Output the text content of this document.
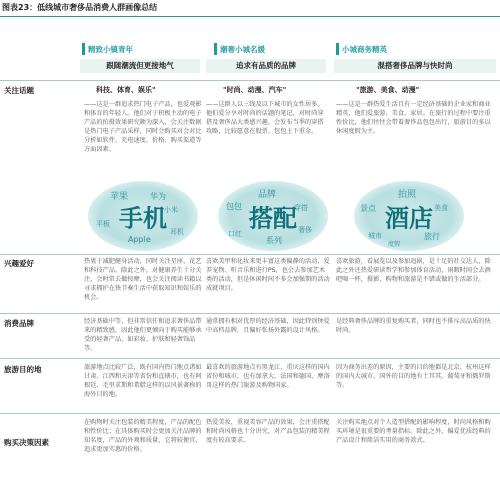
图表23：低线城市奢侈品消费人群画像总结
精致小镇青年	潮奢小城名媛	小城商务精英
跟随潮流但更接地气	追求有品质的品牌	混搭奢侈品牌与快时尚
关注话题	科技、体育、娱乐"	"时尚、动漫、汽车"	"旅游、美食、动漫"
——这是一群追求热门电子产品，也爱观影和体育的年轻人。他们对于积极主动的电子产品的拍摄效果研究颇为深入，会关注数据是热门电子产品采样，同时会购买对会对比分析如软件、充电速度、价格、购买渠道等方面因素。
——这群人以三线及以下城市的女性居多。他们爱分享对时尚的话题的笔记，对时尚穿搭及奢侈品大类感兴趣，会发布当季的穿搭攻略，比较愿意在股票、包包上下重金。
——这是一群热爱生活且有一定经济基础的企业家和商业精英，他们爱旅游、美食、家居。在旅行的过程中要注重性价比，他们往往会带着奢侈品包包出行，旅游目的多以休闲度假为主。
苹果	华为
小米
Apple
平板
耳机
手机
品牌
包包
系列
穿搭
口红	奢侈
搭配
拍照
景点
旅行
美食
城市
度假
酒店
兴趣爱好	热衷于减肥健身活动，同时关注星座、花艺和科技产品。除此之外，对健康养生十分关注，会时常去做按摩，也会关注阅读书籍以寻求拥护在快节奏生活中获取知识和娱乐的机会。
喜欢美甲和化妆来更丰富这类偏静的活动，爱养宠物、听音乐和进行PS，也会去参加艺术类的活动，但是休闲时间不多会加强期的活动成就项目。
喜欢旅游，看展览以及参加追剧，是十足的社交达人，除此之外还热爱研读哲学和参加体育活动，闲暇时间会去酒吧喝一杯，摄影，购物和旅游是不错或做的生活部分。
消费品牌	经济基础中等，但非常信任和追求奢侈品带来的精致感，因此他们更倾向于购买能够承受的轻奢产品，如彩妆、护肤和轻奢饰品等。
通常拥有相对优厚的经济基础，因此特别钟爱中高档品牌，且偏好张扬外露的设计风格。
是经典奢侈品牌的重复购买者，同时也不排斥高品质的快时尚。
旅游目的地	旅游地点比较广泛，既有国内热门地点诸如甘肃、江西和天津等省份和直辖市，也有阿根廷、毛里求斯和希腊这样的以风景著称的海外目的地。
最喜欢的旅游地点有黑龙江、重庆这样的国内省份和城市，也有加拿大、法国和德国、摩洛哥这样的热门旅游及购物国家。
因为商务出差的原因，主要的目的地都是北京、杭州这样的国内大城市。国外的目的地有土耳其、葡萄牙和俄罗斯等。
购买决策因素
在购物时关注包装的精美程度，产品的配色和性价比；在具体购买时会更加关注品牌的知名度，产品的外观和质量，它将较便宜，追求更加实惠的价格。
热爱美妆，重视美容产品的效果，会注重搭配和时尚风格也十分讲究，对产品包装的精美程度有较高要求。
关注购买地点对个人造型搭配的影响程度，时尚风格和购买环境是很重要的考量指标。除此之外，偏爱优质经典的产品设计和简洁实用的商务款式。
